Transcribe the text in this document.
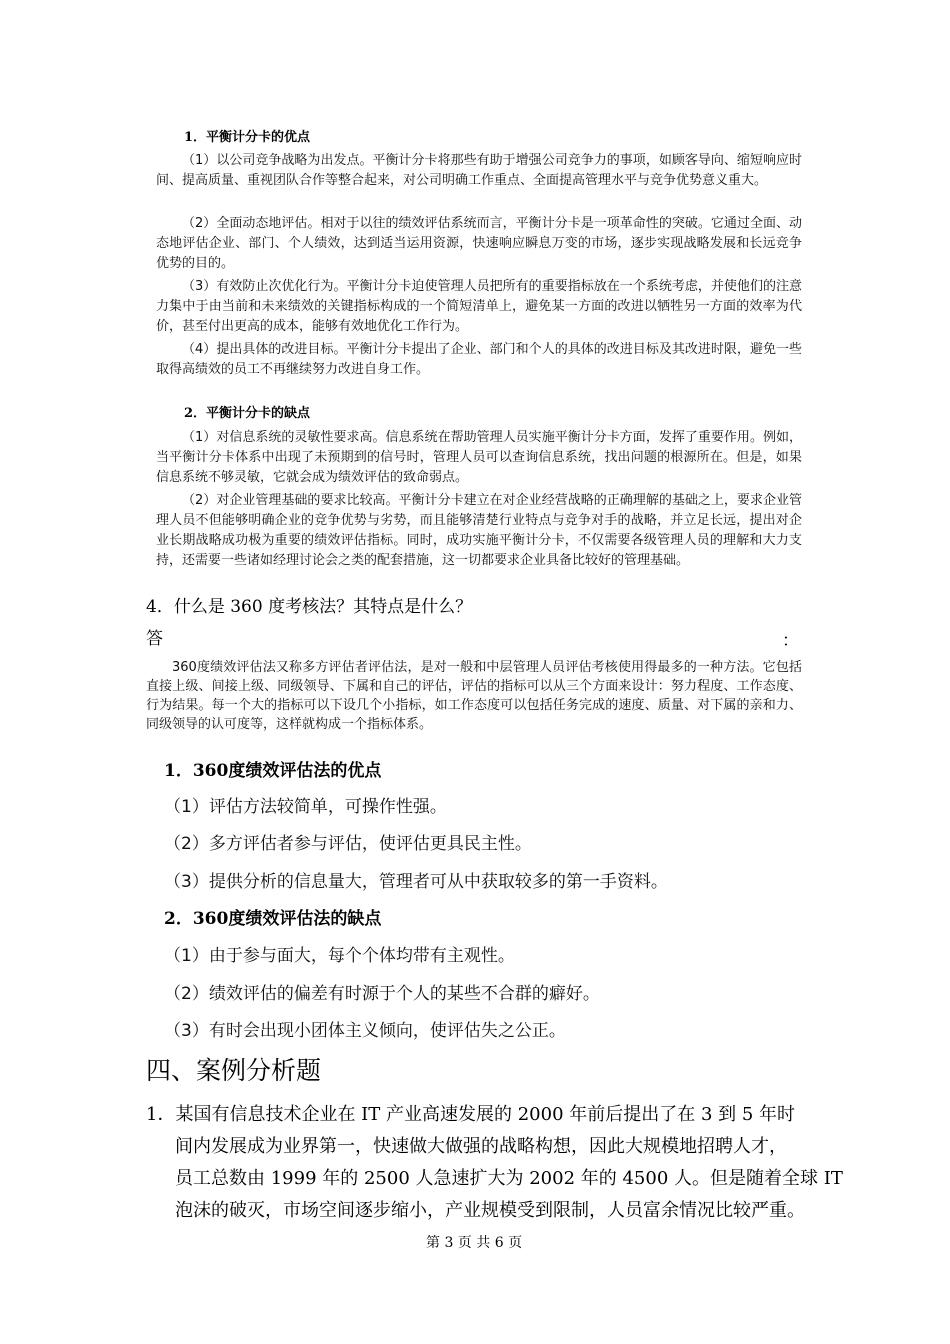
1．平衡计分卡的优点
（1）以公司竞争战略为出发点。平衡计分卡将那些有助于增强公司竞争力的事项，如顾客导向、缩短响应时间、提高质量、重视团队合作等整合起来，对公司明确工作重点、全面提高管理水平与竞争优势意义重大。
（2）全面动态地评估。相对于以往的绩效评估系统而言，平衡计分卡是一项革命性的突破。它通过全面、动态地评估企业、部门、个人绩效，达到适当运用资源，快速响应瞬息万变的市场，逐步实现战略发展和长远竞争优势的目的。
（3）有效防止次优化行为。平衡计分卡迫使管理人员把所有的重要指标放在一个系统考虑，并使他们的注意力集中于由当前和未来绩效的关键指标构成的一个简短清单上，避免某一方面的改进以牺牲另一方面的效率为代价，甚至付出更高的成本，能够有效地优化工作行为。
（4）提出具体的改进目标。平衡计分卡提出了企业、部门和个人的具体的改进目标及其改进时限，避免一些取得高绩效的员工不再继续努力改进自身工作。
2．平衡计分卡的缺点
（1）对信息系统的灵敏性要求高。信息系统在帮助管理人员实施平衡计分卡方面，发挥了重要作用。例如，当平衡计分卡体系中出现了未预期到的信号时，管理人员可以查询信息系统，找出问题的根源所在。但是，如果信息系统不够灵敏，它就会成为绩效评估的致命弱点。
（2）对企业管理基础的要求比较高。平衡计分卡建立在对企业经营战略的正确理解的基础之上，要求企业管理人员不但能够明确企业的竞争优势与劣势，而且能够清楚行业特点与竞争对手的战略，并立足长远，提出对企业长期战略成功极为重要的绩效评估指标。同时，成功实施平衡计分卡，不仅需要各级管理人员的理解和大力支持，还需要一些诸如经理讨论会之类的配套措施，这一切都要求企业具备比较好的管理基础。
4．什么是 360 度考核法？其特点是什么？
答	：
360度绩效评估法又称多方评估者评估法，是对一般和中层管理人员评估考核使用得最多的一种方法。它包括直接上级、间接上级、同级领导、下属和自己的评估，评估的指标可以从三个方面来设计：努力程度、工作态度、行为结果。每一个大的指标可以下设几个小指标，如工作态度可以包括任务完成的速度、质量、对下属的亲和力、同级领导的认可度等，这样就构成一个指标体系。
1．360度绩效评估法的优点
（1）评估方法较简单，可操作性强。
（2）多方评估者参与评估，使评估更具民主性。
（3）提供分析的信息量大，管理者可从中获取较多的第一手资料。
2．360度绩效评估法的缺点
（1）由于参与面大，每个个体均带有主观性。
（2）绩效评估的偏差有时源于个人的某些不合群的癖好。
（3）有时会出现小团体主义倾向，使评估失之公正。
四、案例分析题
1．某国有信息技术企业在 IT 产业高速发展的 2000 年前后提出了在 3 到 5 年时
间内发展成为业界第一，快速做大做强的战略构想，因此大规模地招聘人才，
员工总数由 1999 年的 2500 人急速扩大为 2002 年的 4500 人。但是随着全球 IT
泡沫的破灭，市场空间逐步缩小，产业规模受到限制，人员富余情况比较严重。
第 3 页 共 6 页
